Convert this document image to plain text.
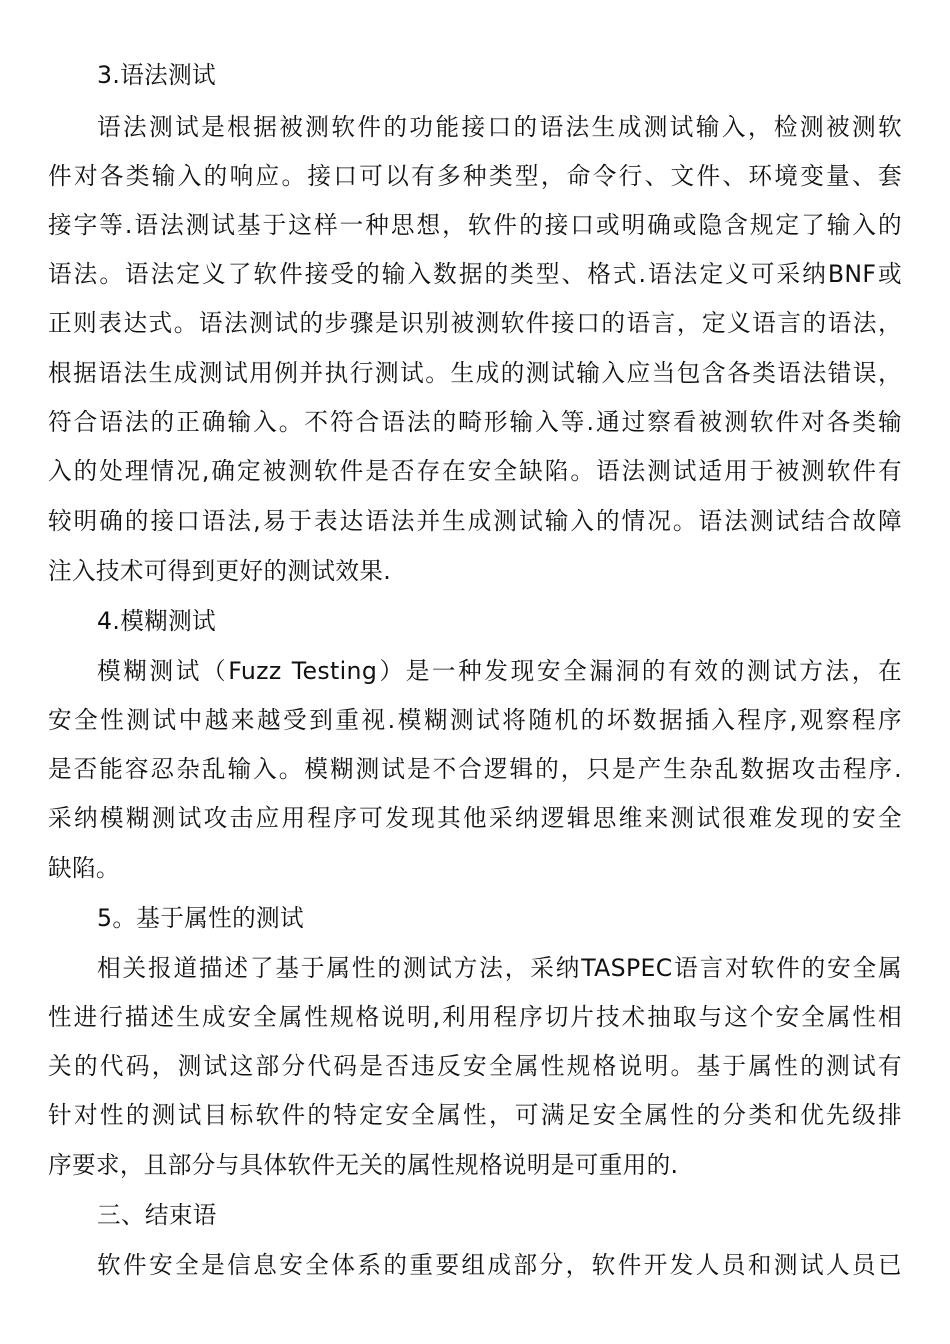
3.语法测试
语法测试是根据被测软件的功能接口的语法生成测试输入，检测被测软
件对各类输入的响应。接口可以有多种类型，命令行、文件、环境变量、套
接字等.语法测试基于这样一种思想，软件的接口或明确或隐含规定了输入的
语法。语法定义了软件接受的输入数据的类型、格式.语法定义可采纳BNF或
正则表达式。语法测试的步骤是识别被测软件接口的语言，定义语言的语法，
根据语法生成测试用例并执行测试。生成的测试输入应当包含各类语法错误，
符合语法的正确输入。不符合语法的畸形输入等.通过察看被测软件对各类输
入的处理情况,确定被测软件是否存在安全缺陷。语法测试适用于被测软件有
较明确的接口语法,易于表达语法并生成测试输入的情况。语法测试结合故障
注入技术可得到更好的测试效果.
4.模糊测试
模糊测试（Fuzz Testing）是一种发现安全漏洞的有效的测试方法，在
安全性测试中越来越受到重视.模糊测试将随机的坏数据插入程序,观察程序
是否能容忍杂乱输入。模糊测试是不合逻辑的，只是产生杂乱数据攻击程序.
采纳模糊测试攻击应用程序可发现其他采纳逻辑思维来测试很难发现的安全
缺陷。
5。基于属性的测试
相关报道描述了基于属性的测试方法，采纳TASPEC语言对软件的安全属
性进行描述生成安全属性规格说明,利用程序切片技术抽取与这个安全属性相
关的代码，测试这部分代码是否违反安全属性规格说明。基于属性的测试有
针对性的测试目标软件的特定安全属性，可满足安全属性的分类和优先级排
序要求，且部分与具体软件无关的属性规格说明是可重用的.
三、结束语
软件安全是信息安全体系的重要组成部分，软件开发人员和测试人员已
